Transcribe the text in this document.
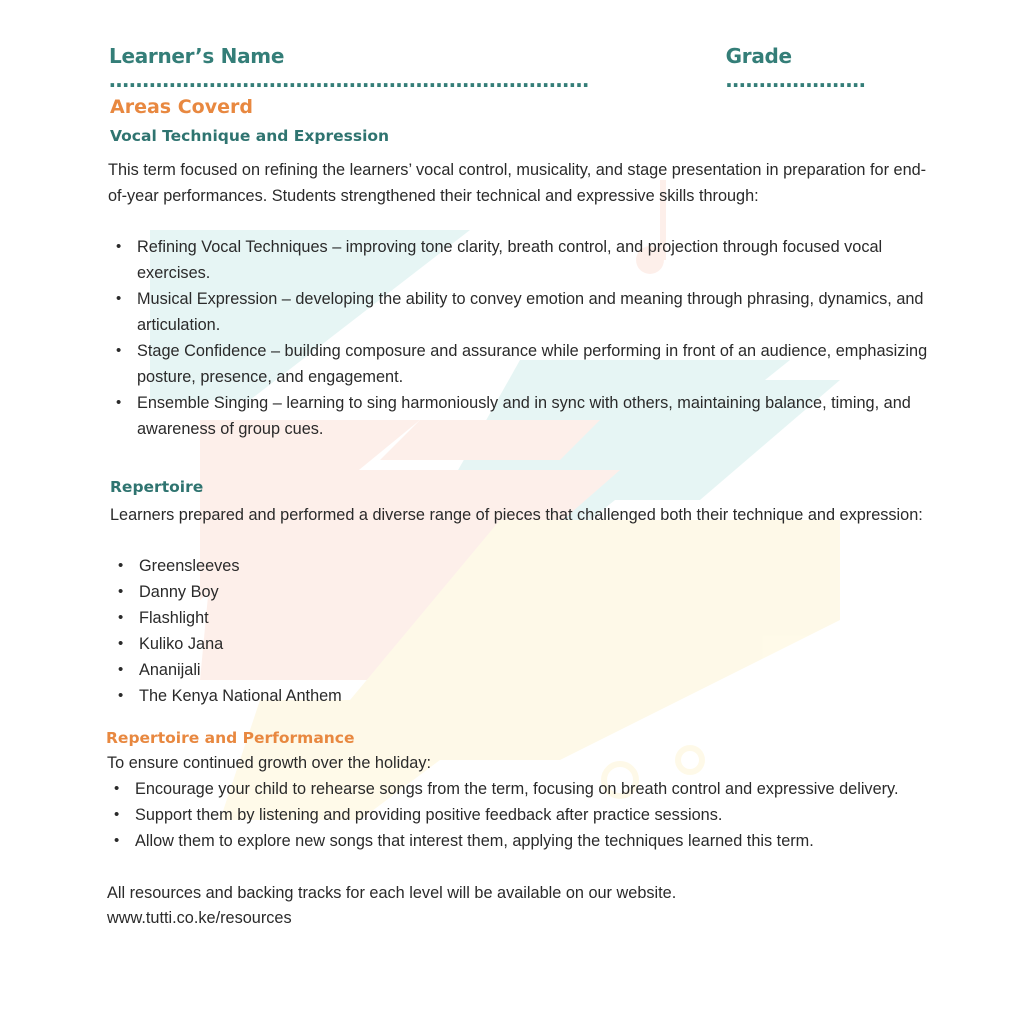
Learner’s Name ………………………………………………………………
Grade …………………
Areas Coverd
Vocal Technique and Expression
This term focused on refining the learners’ vocal control, musicality, and stage presentation in preparation for end-of-year performances. Students strengthened their technical and expressive skills through:
• Refining Vocal Techniques – improving tone clarity, breath control, and projection through focused vocal exercises.
• Musical Expression – developing the ability to convey emotion and meaning through phrasing, dynamics, and articulation.
• Stage Confidence – building composure and assurance while performing in front of an audience, emphasizing posture, presence, and engagement.
• Ensemble Singing – learning to sing harmoniously and in sync with others, maintaining balance, timing, and awareness of group cues.
Repertoire
Learners prepared and performed a diverse range of pieces that challenged both their technique and expression:
• Greensleeves
• Danny Boy
• Flashlight
• Kuliko Jana
• Ananijali
• The Kenya National Anthem
Repertoire and Performance
To ensure continued growth over the holiday:
• Encourage your child to rehearse songs from the term, focusing on breath control and expressive delivery.
• Support them by listening and providing positive feedback after practice sessions.
• Allow them to explore new songs that interest them, applying the techniques learned this term.
All resources and backing tracks for each level will be available on our website.
www.tutti.co.ke/resources
